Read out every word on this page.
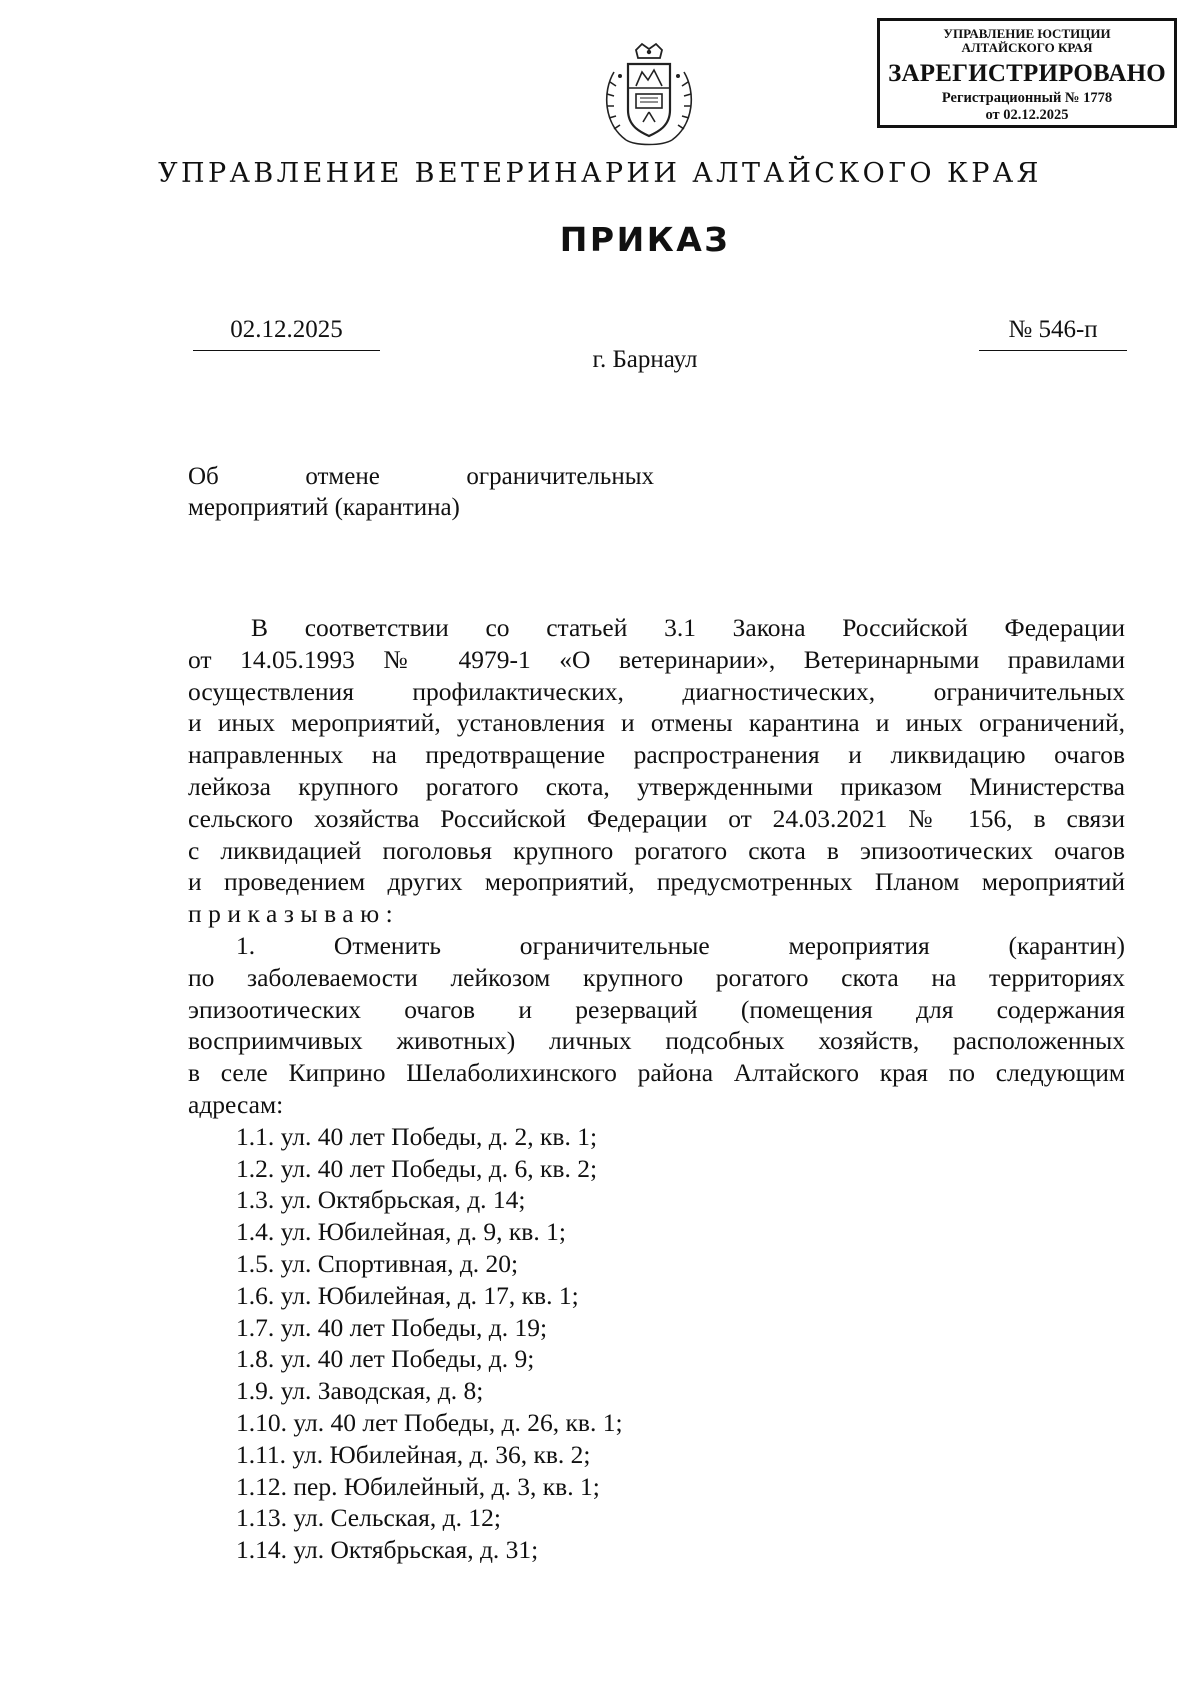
УПРАВЛЕНИЕ ЮСТИЦИИ
АЛТАЙСКОГО КРАЯ
ЗАРЕГИСТРИРОВАНО
Регистрационный № 1778
от 02.12.2025
УПРАВЛЕНИЕ ВЕТЕРИНАРИИ АЛТАЙСКОГО КРАЯ
ПРИКАЗ
02.12.2025	№ 546-п
г. Барнаул
Об отмене ограничительных
мероприятий (карантина)
В соответствии со статьей 3.1 Закона Российской Федерации
от 14.05.1993 № 4979-1 «О ветеринарии», Ветеринарными правилами
осуществления профилактических, диагностических, ограничительных
и иных мероприятий, установления и отмены карантина и иных ограничений,
направленных на предотвращение распространения и ликвидацию очагов
лейкоза крупного рогатого скота, утвержденными приказом Министерства
сельского хозяйства Российской Федерации от 24.03.2021 № 156, в связи
с ликвидацией поголовья крупного рогатого скота в эпизоотических очагов
и проведением других мероприятий, предусмотренных Планом мероприятий
приказываю:
1. Отменить ограничительные мероприятия (карантин)
по заболеваемости лейкозом крупного рогатого скота на территориях
эпизоотических очагов и резерваций (помещения для содержания
восприимчивых животных) личных подсобных хозяйств, расположенных
в селе Киприно Шелаболихинского района Алтайского края по следующим
адресам:
1.1. ул. 40 лет Победы, д. 2, кв. 1;
1.2. ул. 40 лет Победы, д. 6, кв. 2;
1.3. ул. Октябрьская, д. 14;
1.4. ул. Юбилейная, д. 9, кв. 1;
1.5. ул. Спортивная, д. 20;
1.6. ул. Юбилейная, д. 17, кв. 1;
1.7. ул. 40 лет Победы, д. 19;
1.8. ул. 40 лет Победы, д. 9;
1.9. ул. Заводская, д. 8;
1.10. ул. 40 лет Победы, д. 26, кв. 1;
1.11. ул. Юбилейная, д. 36, кв. 2;
1.12. пер. Юбилейный, д. 3, кв. 1;
1.13. ул. Сельская, д. 12;
1.14. ул. Октябрьская, д. 31;
